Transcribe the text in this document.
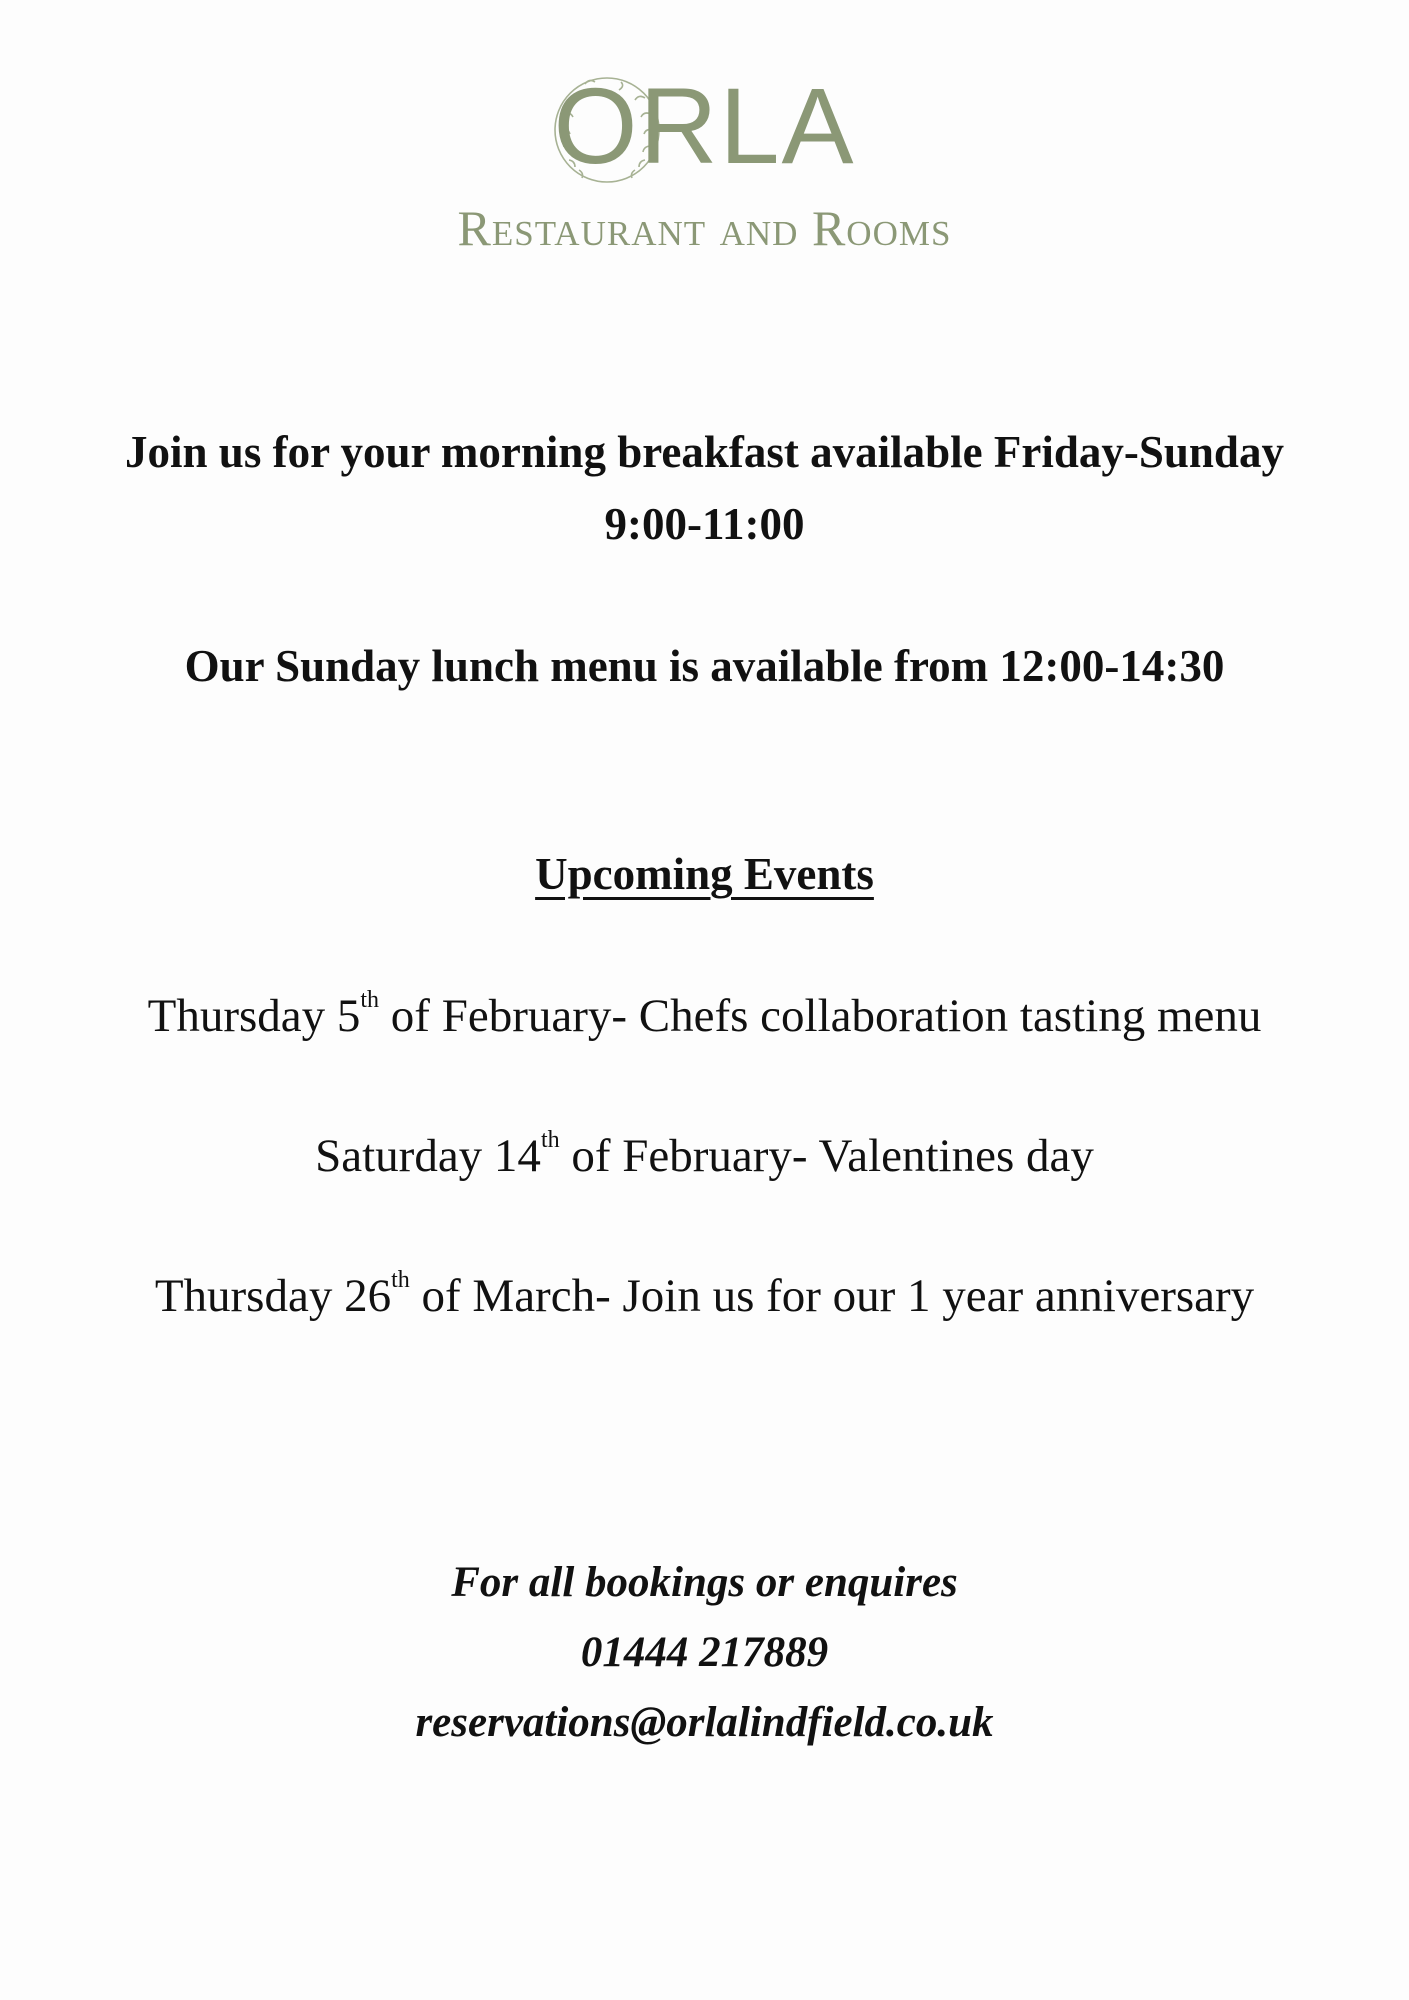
ORLA
Restaurant and Rooms

Join us for your morning breakfast available Friday-Sunday

9:00-11:00

Our Sunday lunch menu is available from 12:00-14:30

Upcoming Events

Thursday 5th of February- Chefs collaboration tasting menu

Saturday 14th of February- Valentines day

Thursday 26th of March- Join us for our 1 year anniversary

For all bookings or enquires

01444 217889

reservations@orlalindfield.co.uk
